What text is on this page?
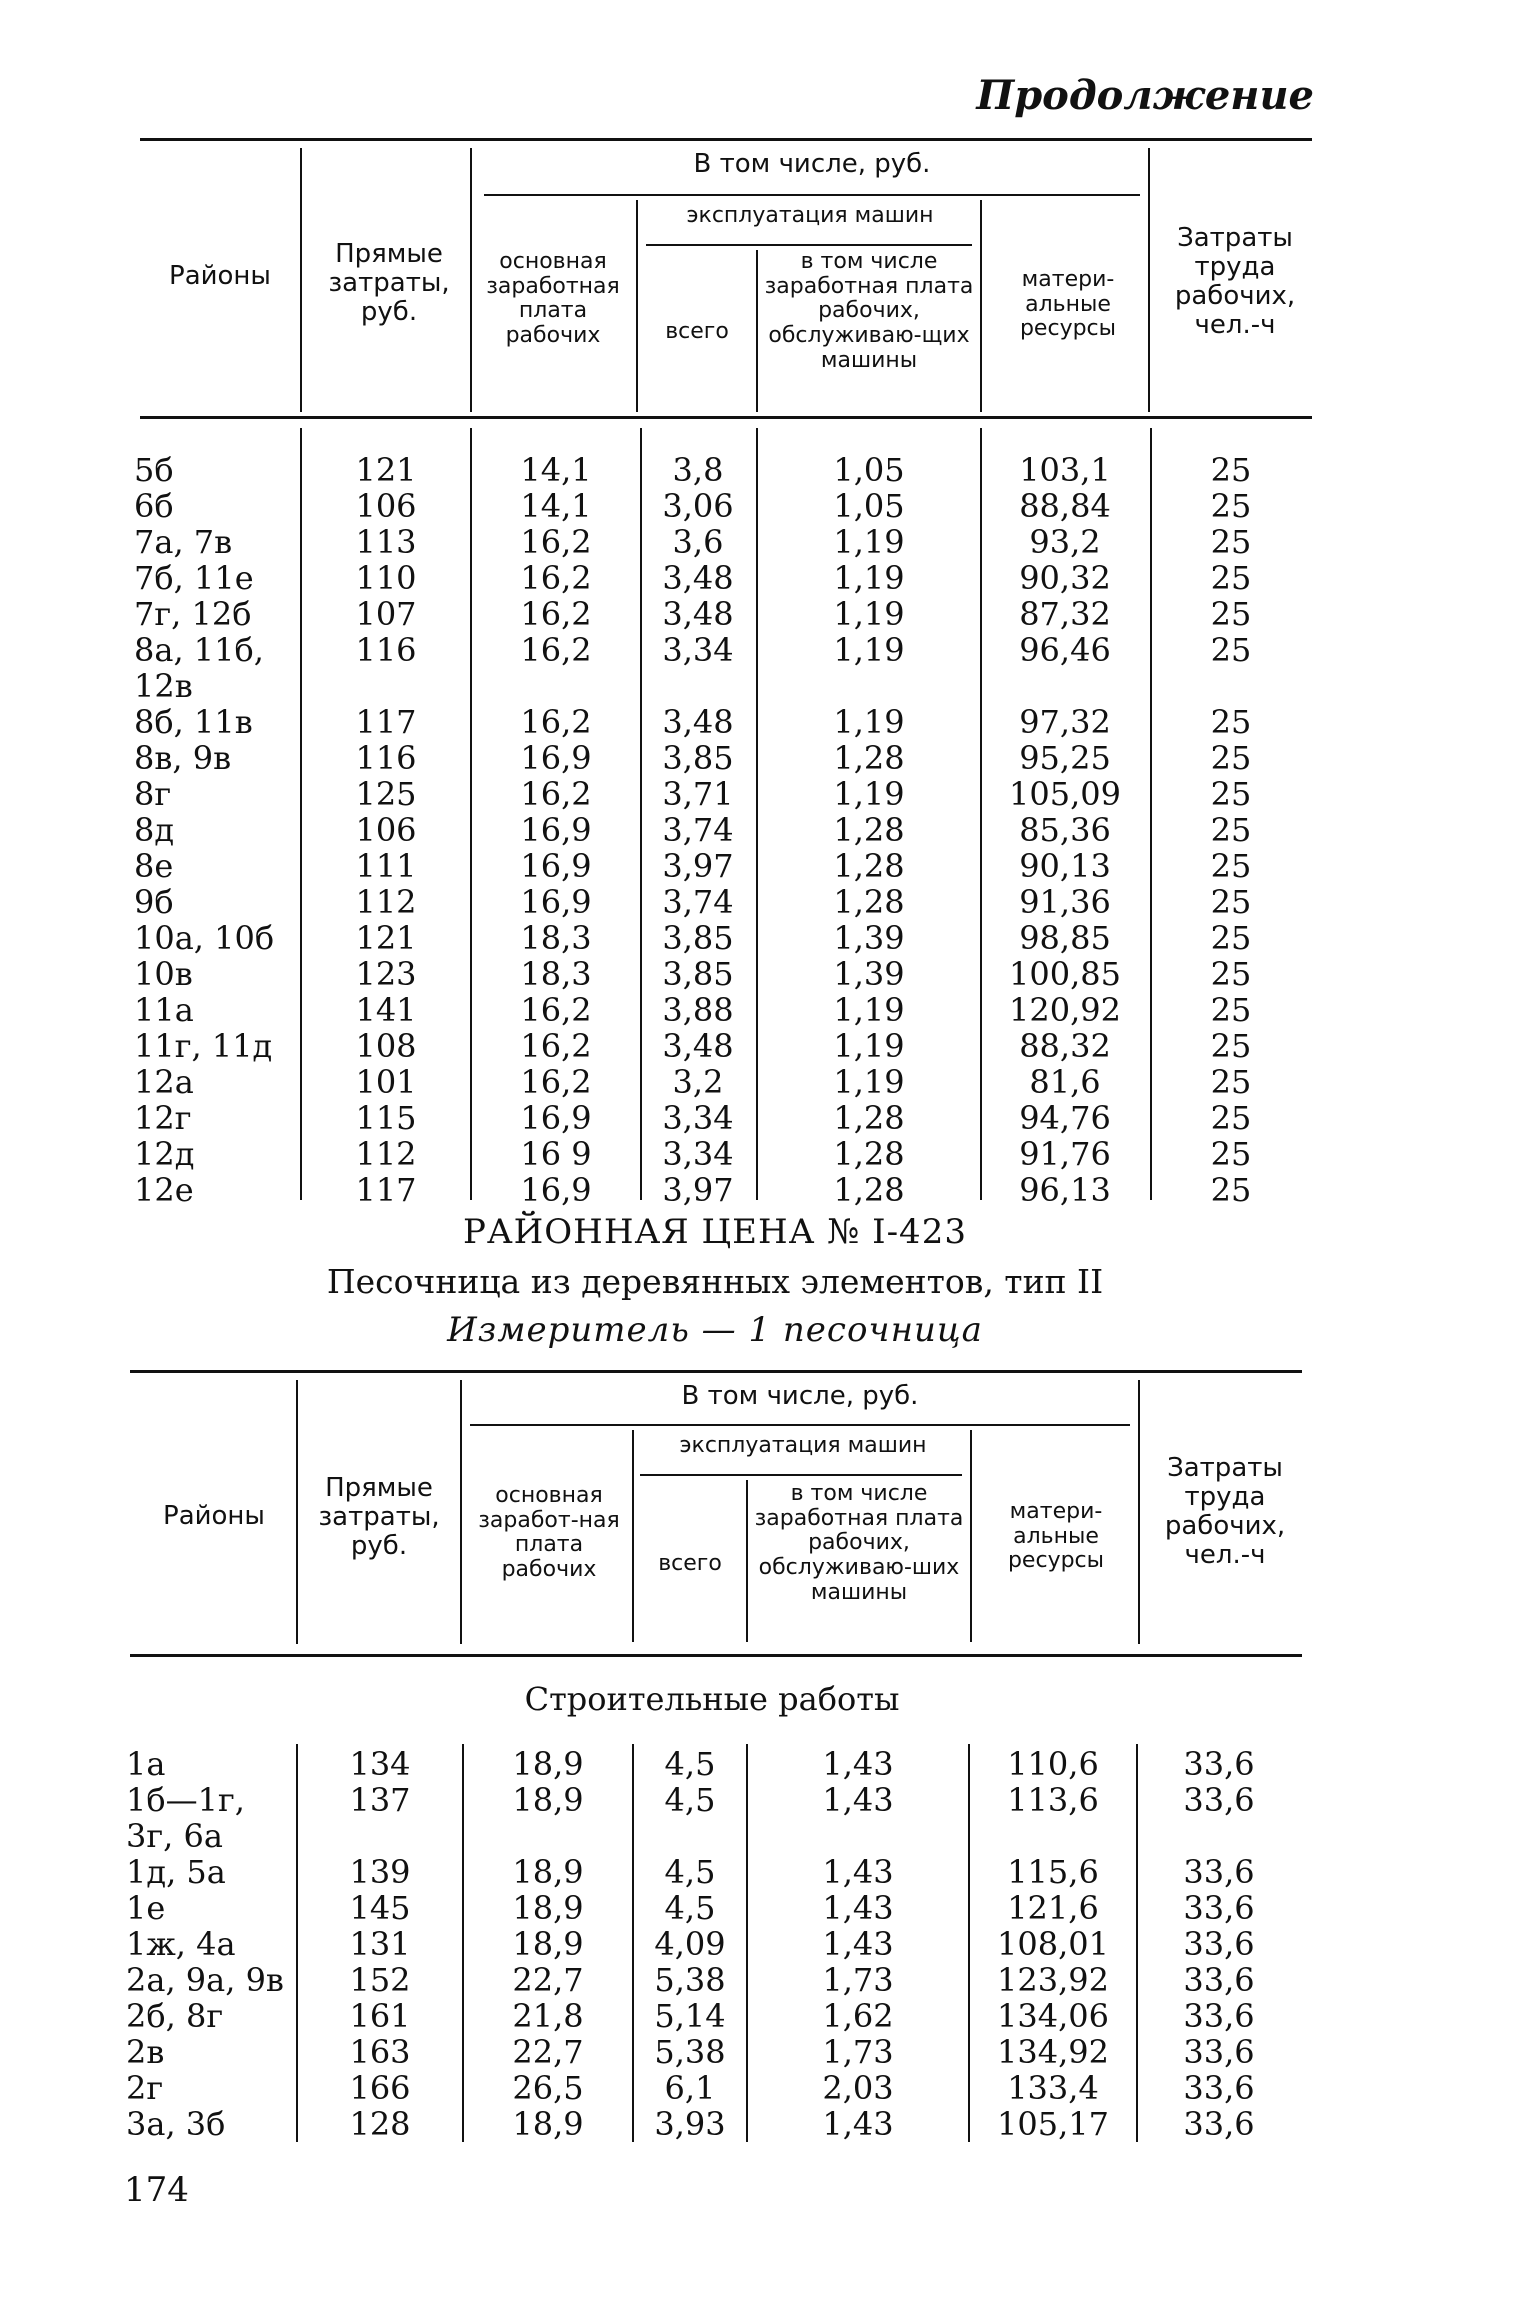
Продолжение
Районы
Прямые затраты, руб.
В том числе, руб.
основная заработная плата рабочих
эксплуатация машин
всего
в том числе заработная плата рабочих, обслуживаю-щих машины
матери-альные ресурсы
Затраты труда рабочих, чел.-ч
5б
6б
7а, 7в
7б, 11е
7г, 12б
8а, 11б,
12в
8б, 11в
8в, 9в
8г
8д
8е
9б
10а, 10б
10в
11а
11г, 11д
12а
12г
12д
12е
121
106
113
110
107
116
117
116
125
106
111
112
121
123
141
108
101
115
112
117
14,1
14,1
16,2
16,2
16,2
16,2
16,2
16,9
16,2
16,9
16,9
16,9
18,3
18,3
16,2
16,2
16,2
16,9
16 9
16,9
3,8
3,06
3,6
3,48
3,48
3,34
3,48
3,85
3,71
3,74
3,97
3,74
3,85
3,85
3,88
3,48
3,2
3,34
3,34
3,97
1,05
1,05
1,19
1,19
1,19
1,19
1,19
1,28
1,19
1,28
1,28
1,28
1,39
1,39
1,19
1,19
1,19
1,28
1,28
1,28
103,1
88,84
93,2
90,32
87,32
96,46
97,32
95,25
105,09
85,36
90,13
91,36
98,85
100,85
120,92
88,32
81,6
94,76
91,76
96,13
25
25
25
25
25
25
25
25
25
25
25
25
25
25
25
25
25
25
25
25
РАЙОННАЯ ЦЕНА № I-423
Песочница из деревянных элементов, тип II
Измеритель — 1 песочница
Районы
Прямые затраты, руб.
В том числе, руб.
основная заработ-ная плата рабочих
эксплуатация машин
всего
в том числе заработная плата рабочих, обслуживаю-ших машины
матери-альные ресурсы
Затраты труда рабочих, чел.-ч
Строительные работы
1а
1б—1г,
3г, 6а
1д, 5а
1е
1ж, 4а
2а, 9а, 9в
2б, 8г
2в
2г
3а, 3б
134
137
139
145
131
152
161
163
166
128
18,9
18,9
18,9
18,9
18,9
22,7
21,8
22,7
26,5
18,9
4,5
4,5
4,5
4,5
4,09
5,38
5,14
5,38
6,1
3,93
1,43
1,43
1,43
1,43
1,43
1,73
1,62
1,73
2,03
1,43
110,6
113,6
115,6
121,6
108,01
123,92
134,06
134,92
133,4
105,17
33,6
33,6
33,6
33,6
33,6
33,6
33,6
33,6
33,6
33,6
174
